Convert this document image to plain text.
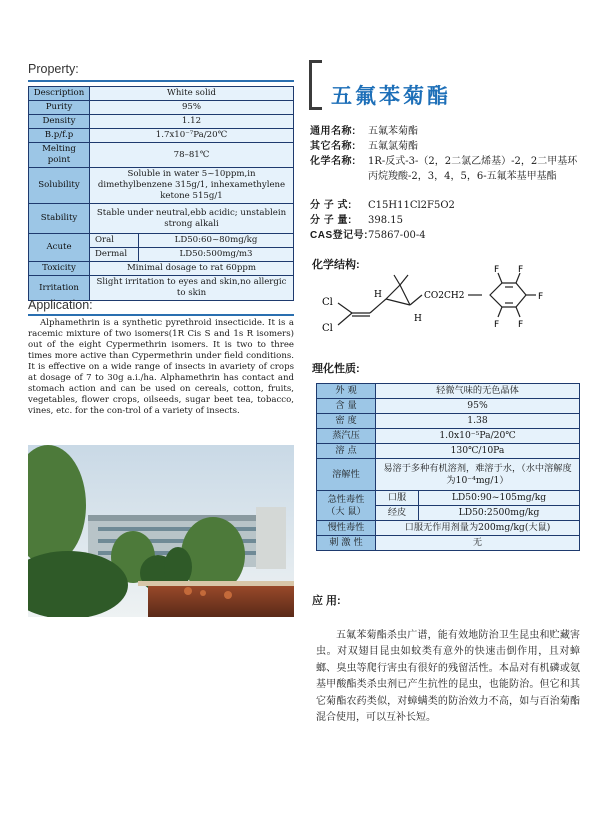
Property:
Description	White solid	
Purity	95%	
Density	1.12	
B.p/f.p	1.7x10⁻⁷Pa/20℃	
Melting point	78–81℃	
Solubility	Soluble in water 5~10ppm,in dimethylbenzene 315g/1, inhexamethylene ketone 515g/1	
Stability	Stable under neutral,ebb acidic; unstablein strong alkali	
Acute	Oral	LD50:60~80mg/kg
	Dermal	LD50:500mg/m3
Toxicity	Minimal dosage to rat 60ppm	
Irritation	Slight irritation to eyes and skin,no allergic to skin	
Application:
Alphamethrin is a synthetic pyrethroid insecticide. It is a racemic mixture of two isomers(1R Cis S and 1s R isomers) out of the eight Cypermethrin isomers. It is two to three times more active than Cypermethrin under field conditions. It is effective on a wide range of insects in avariety of crops at dosage of 7 to 30g a.i./ha. Alphamethrin has contact and stomach action and can be used on cereals, cotton, fruits, vegetables, flower crops, oilseeds, sugar beet tea, tobacco, vines, etc. for the con-trol of a variety of insects.
五氟苯菊酯
通用名称: 五氟苯菊酯
其它名称: 五氟氯菊酯
化学名称:	1R-反式-3-（2，2二氯乙烯基）-2，2二甲基环丙烷羧酸-2，3，4，5，6-五氟苯基甲基酯
分 子 式: C15H11Cl2F5O2
分 子 量: 398.15
CAS登记号:75867-00-4
化学结构:
Cl
Cl
H
H
CO2CH2
F F
F
F F
理化性质:
外 观	轻微气味的无色晶体	
含 量	95%	
密 度	1.38	
蒸汽压	1.0x10⁻⁵Pa/20℃	
溶 点	130℃/10Pa	
溶解性	易溶于多种有机溶剂，难溶于水，（水中溶解度为10⁻⁴mg/1）	
急性毒性（大 鼠）	口服	LD50:90~105mg/kg
	经皮	LD50:2500mg/kg
慢性毒性	口服无作用剂量为200mg/kg(大鼠)	
刺 激 性	无	
应 用:
五氟苯菊酯杀虫广谱，能有效地防治卫生昆虫和贮藏害虫。对双翅目昆虫如蚊类有意外的快速击倒作用，且对蟑螂、臭虫等爬行害虫有很好的残留活性。本品对有机磷或氨基甲酸酯类杀虫剂已产生抗性的昆虫，也能防治。但它和其它菊酯农药类似，对蟑螨类的防治效力不高，如与百治菊酯混合使用，可以互补长短。
